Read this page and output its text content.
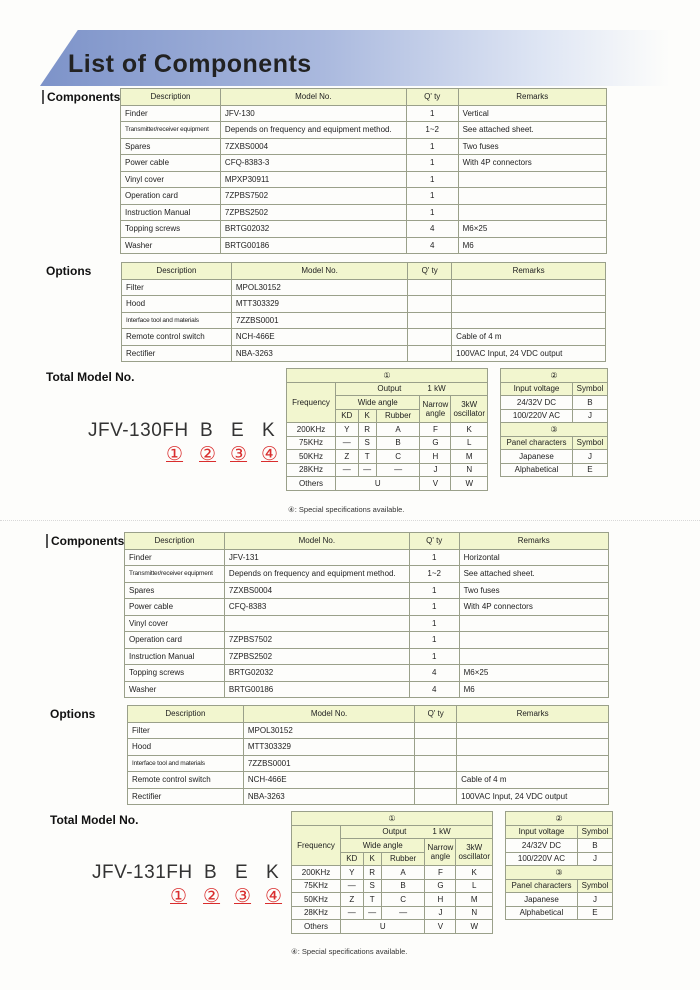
List of Components
Components	Description	Model No.	Q' ty	Remarks
Finder	JFV-130	1	Vertical
Transmitter/receiver equipment	Depends on frequency and equipment method.	1~2	See attached sheet.
Spares	7ZXBS0004	1	Two fuses
Power cable	CFQ-8383-3	1	With 4P connectors
Vinyl cover	MPXP30911	1	
Operation card	7ZPBS7502	1	
Instruction Manual	7ZPBS2502	1	
Topping screws	BRTG02032	4	M6×25
Washer	BRTG00186	4	M6
Options	Description	Model No.	Q' ty	Remarks
Filter	MPOL30152		
Hood	MTT303329		
Interface tool and materials	7ZZBS0001		
Remote control switch	NCH-466E		Cable of 4 m
Rectifier	NBA-3263		100VAC Input, 24 VDC output
Total Model No.
JFV-130FH B E K
① ② ③ ④
①					
Frequency	Output 1 kW				
	Wide angle			Narrow angle	3kW oscillator
	KD	K	Rubber		
200KHz	Y	R	A	F	K
75KHz	—	S	B	G	L
50KHz	Z	T	C	H	M
28KHz	—	—	—	J	N
Others	U			V	W
②	
Input voltage	Symbol
24/32V DC	B
100/220V AC	J
③	
Panel characters	Symbol
Japanese	J
Alphabetical	E
④: Special specifications available.
Components	Description	Model No.	Q' ty	Remarks
Finder	JFV-131	1	Horizontal
Transmitter/receiver equipment	Depends on frequency and equipment method.	1~2	See attached sheet.
Spares	7ZXBS0004	1	Two fuses
Power cable	CFQ-8383	1	With 4P connectors
Vinyl cover		1	
Operation card	7ZPBS7502	1	
Instruction Manual	7ZPBS2502	1	
Topping screws	BRTG02032	4	M6×25
Washer	BRTG00186	4	M6
Options	Description	Model No.	Q' ty	Remarks
Filter	MPOL30152		
Hood	MTT303329		
Interface tool and materials	7ZZBS0001		
Remote control switch	NCH-466E		Cable of 4 m
Rectifier	NBA-3263		100VAC Input, 24 VDC output
Total Model No.
JFV-131FH B E K
① ② ③ ④
①					
Frequency	Output 1 kW				
	Wide angle			Narrow angle	3kW oscillator
	KD	K	Rubber		
200KHz	Y	R	A	F	K
75KHz	—	S	B	G	L
50KHz	Z	T	C	H	M
28KHz	—	—	—	J	N
Others	U			V	W
②	
Input voltage	Symbol
24/32V DC	B
100/220V AC	J
③	
Panel characters	Symbol
Japanese	J
Alphabetical	E
④: Special specifications available.
